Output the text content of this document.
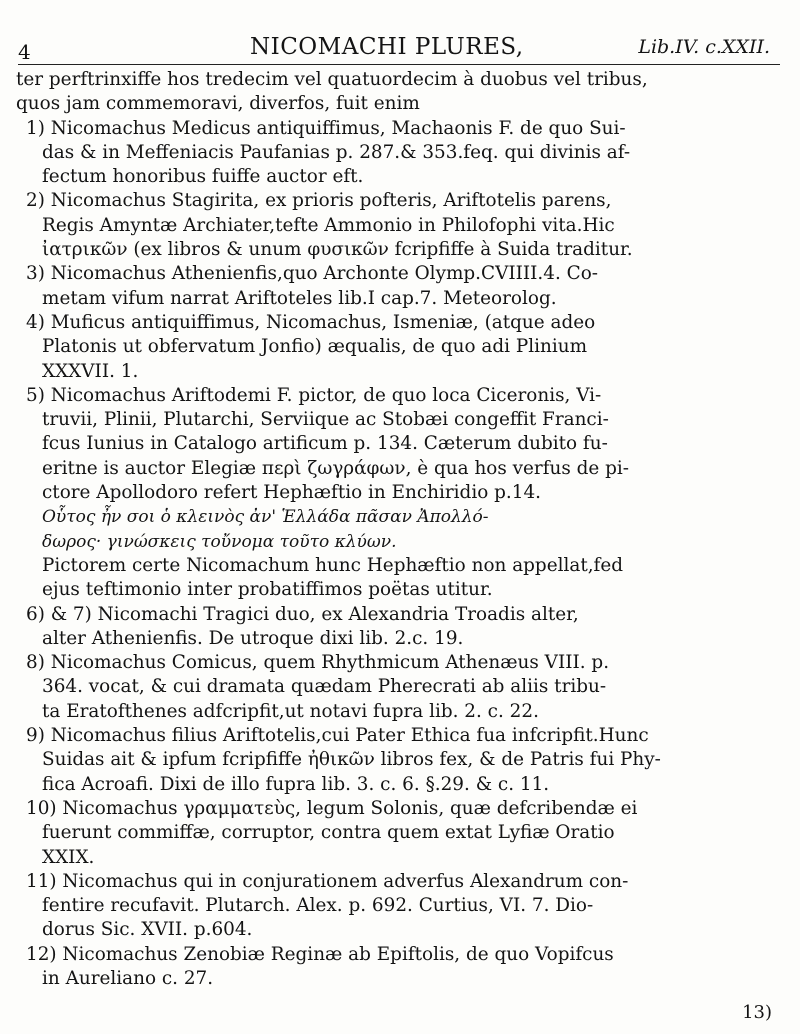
4	NICOMACHI PLURES,	Lib.IV. c.XXII.
ter perftrinxiffe hos tredecim vel quatuordecim à duobus vel tribus,
quos jam commemoravi, diverfos, fuit enim
1) Nicomachus Medicus antiquiffimus, Machaonis F. de quo Sui-
das & in Meffeniacis Paufanias p. 287.& 353.feq. qui divinis af-
fectum honoribus fuiffe auctor eft.
2) Nicomachus Stagirita, ex prioris pofteris, Ariftotelis parens,
Regis Amyntæ Archiater,tefte Ammonio in Philofophi vita.Hic
ἰατρικῶν (ex libros & unum φυσικῶν fcripfiffe à Suida traditur.
3) Nicomachus Athenienfis,quo Archonte Olymp.CVIIII.4. Co-
metam vifum narrat Ariftoteles lib.I cap.7. Meteorolog.
4) Muficus antiquiffimus, Nicomachus, Ismeniæ, (atque adeo
Platonis ut obfervatum Jonfio) æqualis, de quo adi Plinium
XXXVII. 1.
5) Nicomachus Ariftodemi F. pictor, de quo loca Ciceronis, Vi-
truvii, Plinii, Plutarchi, Serviique ac Stobæi congeffit Franci-
fcus Iunius in Catalogo artificum p. 134. Cæterum dubito fu-
eritne is auctor Elegiæ περὶ ζωγράφων, è qua hos verfus de pi-
ctore Apollodoro refert Hephæftio in Enchiridio p.14.
Οὗτος ἦν σοι ὁ κλεινὸς ἀν' Ἑλλάδα πᾶσαν Ἀπολλό-
δωρος· γινώσκεις τοὔνομα τοῦτο κλύων.
Pictorem certe Nicomachum hunc Hephæftio non appellat,fed
ejus teftimonio inter probatiffimos poëtas utitur.
6) & 7) Nicomachi Tragici duo, ex Alexandria Troadis alter,
alter Athenienfis. De utroque dixi lib. 2.c. 19.
8) Nicomachus Comicus, quem Rhythmicum Athenæus VIII. p.
364. vocat, & cui dramata quædam Pherecrati ab aliis tribu-
ta Eratofthenes adfcripfit,ut notavi fupra lib. 2. c. 22.
9) Nicomachus filius Ariftotelis,cui Pater Ethica fua infcripfit.Hunc
Suidas ait & ipfum fcripfiffe ἠθικῶν libros fex, & de Patris fui Phy-
fica Acroafi. Dixi de illo fupra lib. 3. c. 6. §.29. & c. 11.
10) Nicomachus γραμματεὺς, legum Solonis, quæ defcribendæ ei
fuerunt commiffæ, corruptor, contra quem extat Lyfiæ Oratio
XXIX.
11) Nicomachus qui in conjurationem adverfus Alexandrum con-
fentire recufavit. Plutarch. Alex. p. 692. Curtius, VI. 7. Dio-
dorus Sic. XVII. p.604.
12) Nicomachus Zenobiæ Reginæ ab Epiftolis, de quo Vopifcus
in Aureliano c. 27.
13)
